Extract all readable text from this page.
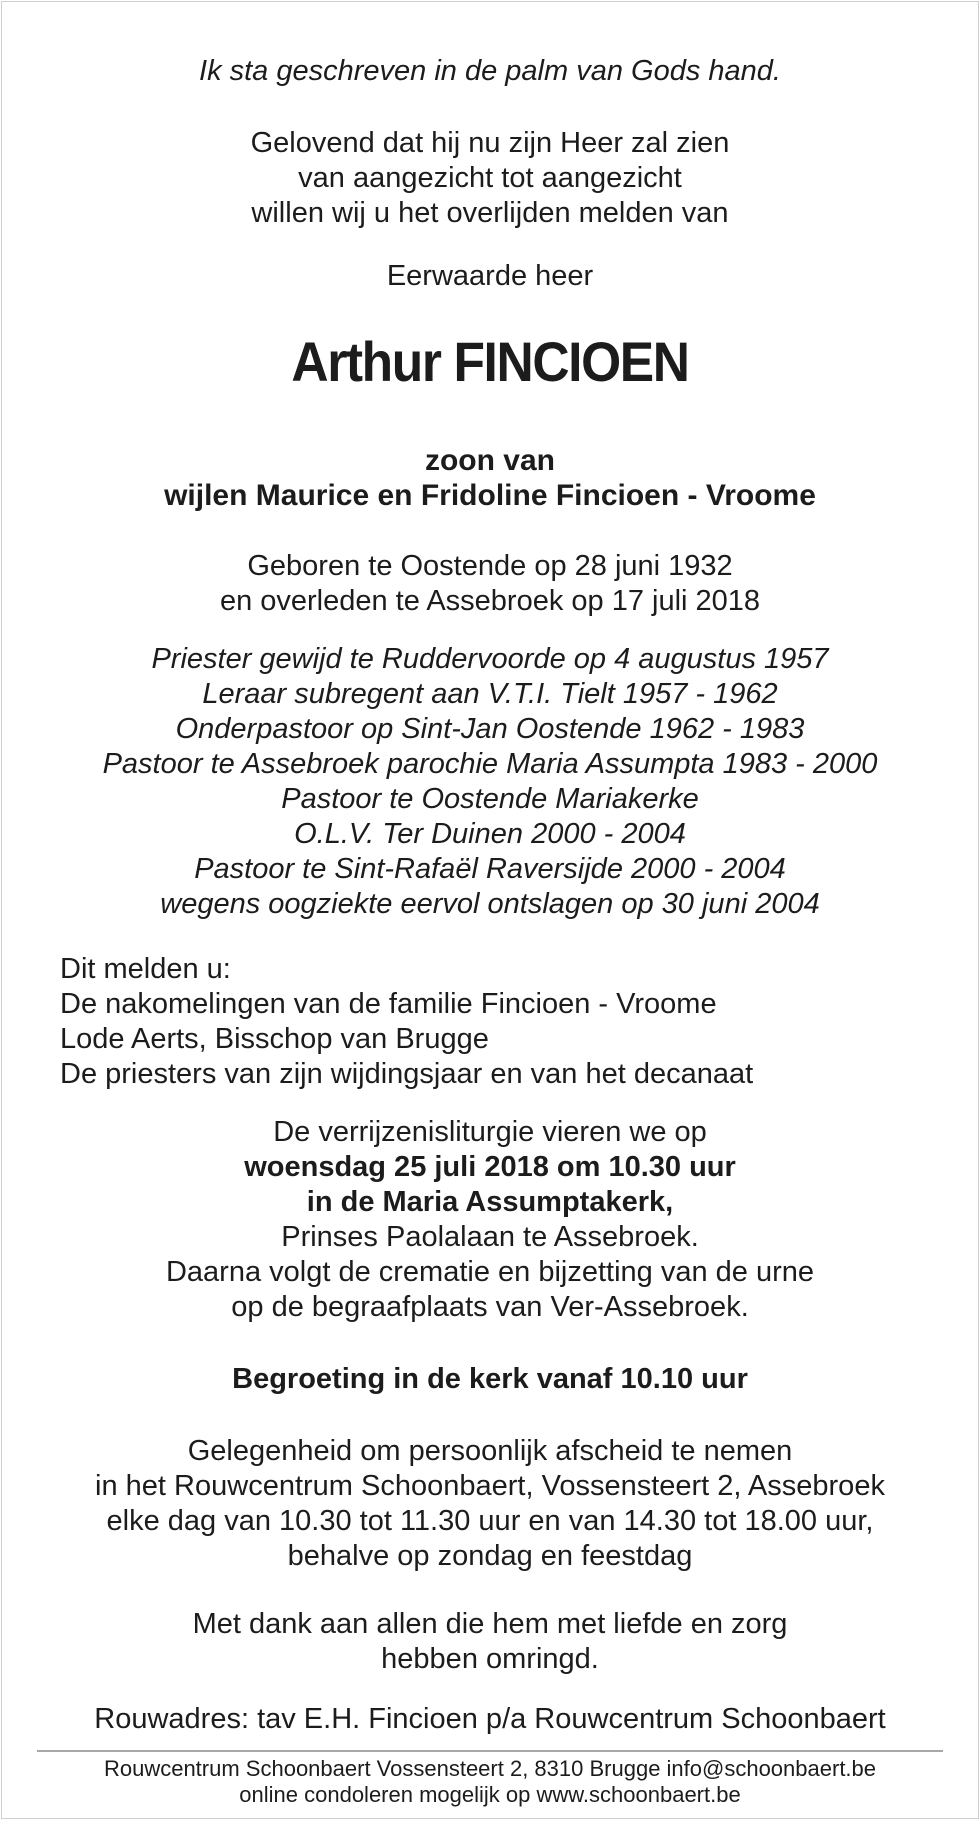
Ik sta geschreven in de palm van Gods hand.

Gelovend dat hij nu zijn Heer zal zien

van aangezicht tot aangezicht

willen wij u het overlijden melden van

Eerwaarde heer

Arthur FINCIOEN

zoon van

wijlen Maurice en Fridoline Fincioen - Vroome

Geboren te Oostende op 28 juni 1932

en overleden te Assebroek op 17 juli 2018

Priester gewijd te Ruddervoorde op 4 augustus 1957

Leraar subregent aan V.T.I. Tielt 1957 - 1962

Onderpastoor op Sint-Jan Oostende 1962 - 1983

Pastoor te Assebroek parochie Maria Assumpta 1983 - 2000

Pastoor te Oostende Mariakerke

O.L.V. Ter Duinen 2000 - 2004

Pastoor te Sint-Rafaël Raversijde 2000 - 2004

wegens oogziekte eervol ontslagen op 30 juni 2004

Dit melden u:

De nakomelingen van de familie Fincioen - Vroome

Lode Aerts, Bisschop van Brugge

De priesters van zijn wijdingsjaar en van het decanaat

De verrijzenisliturgie vieren we op

woensdag 25 juli 2018 om 10.30 uur

in de Maria Assumptakerk,

Prinses Paolalaan te Assebroek.

Daarna volgt de crematie en bijzetting van de urne

op de begraafplaats van Ver-Assebroek.

Begroeting in de kerk vanaf 10.10 uur

Gelegenheid om persoonlijk afscheid te nemen

in het Rouwcentrum Schoonbaert, Vossensteert 2, Assebroek

elke dag van 10.30 tot 11.30 uur en van 14.30 tot 18.00 uur,

behalve op zondag en feestdag

Met dank aan allen die hem met liefde en zorg

hebben omringd.

Rouwadres: tav E.H. Fincioen p/a Rouwcentrum Schoonbaert

Rouwcentrum Schoonbaert Vossensteert 2, 8310 Brugge info@schoonbaert.be

online condoleren mogelijk op www.schoonbaert.be
